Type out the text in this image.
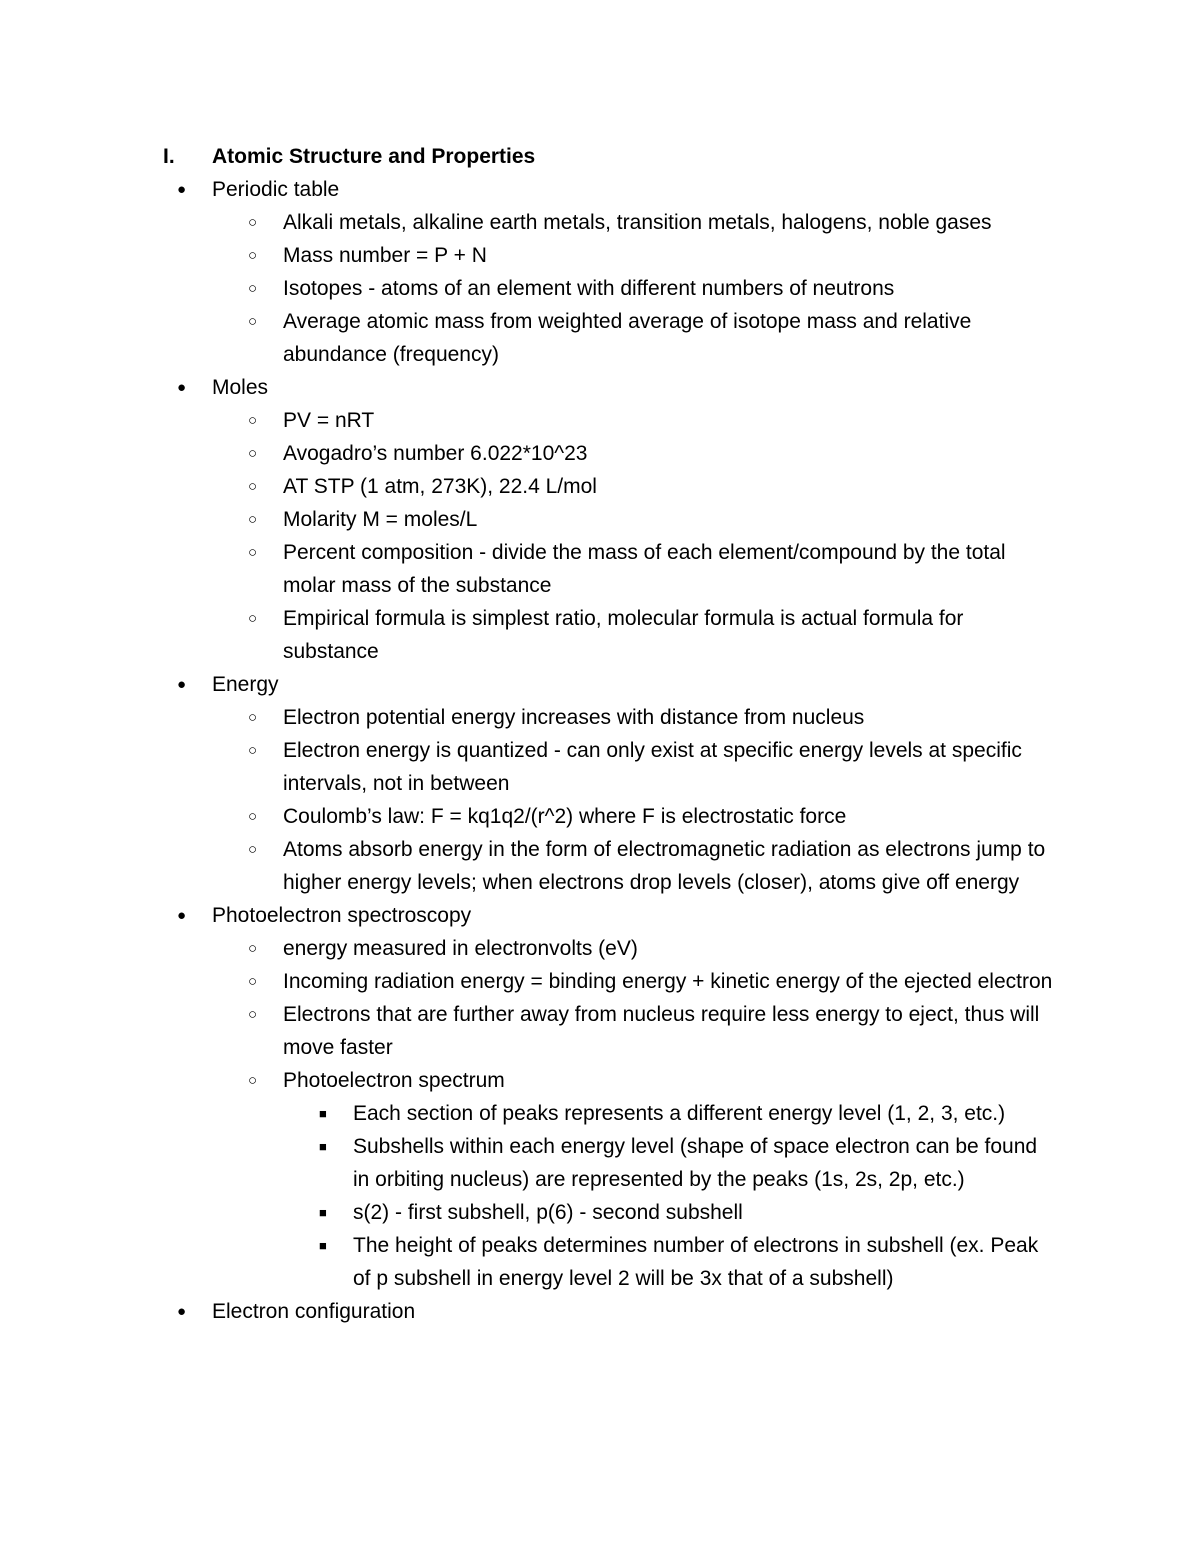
I. Atomic Structure and Properties
● Periodic table
○ Alkali metals, alkaline earth metals, transition metals, halogens, noble gases
○ Mass number = P + N
○ Isotopes - atoms of an element with different numbers of neutrons
○ Average atomic mass from weighted average of isotope mass and relative abundance (frequency)
● Moles
○ PV = nRT
○ Avogadro’s number 6.022*10^23
○ AT STP (1 atm, 273K), 22.4 L/mol
○ Molarity M = moles/L
○ Percent composition - divide the mass of each element/compound by the total molar mass of the substance
○ Empirical formula is simplest ratio, molecular formula is actual formula for substance
● Energy
○ Electron potential energy increases with distance from nucleus
○ Electron energy is quantized - can only exist at specific energy levels at specific intervals, not in between
○ Coulomb’s law: F = kq1q2/(r^2) where F is electrostatic force
○ Atoms absorb energy in the form of electromagnetic radiation as electrons jump to higher energy levels; when electrons drop levels (closer), atoms give off energy
● Photoelectron spectroscopy
○ energy measured in electronvolts (eV)
○ Incoming radiation energy = binding energy + kinetic energy of the ejected electron
○ Electrons that are further away from nucleus require less energy to eject, thus will move faster
○ Photoelectron spectrum
■ Each section of peaks represents a different energy level (1, 2, 3, etc.)
■ Subshells within each energy level (shape of space electron can be found in orbiting nucleus) are represented by the peaks (1s, 2s, 2p, etc.)
■ s(2) - first subshell, p(6) - second subshell
■ The height of peaks determines number of electrons in subshell (ex. Peak of p subshell in energy level 2 will be 3x that of a subshell)
● Electron configuration
